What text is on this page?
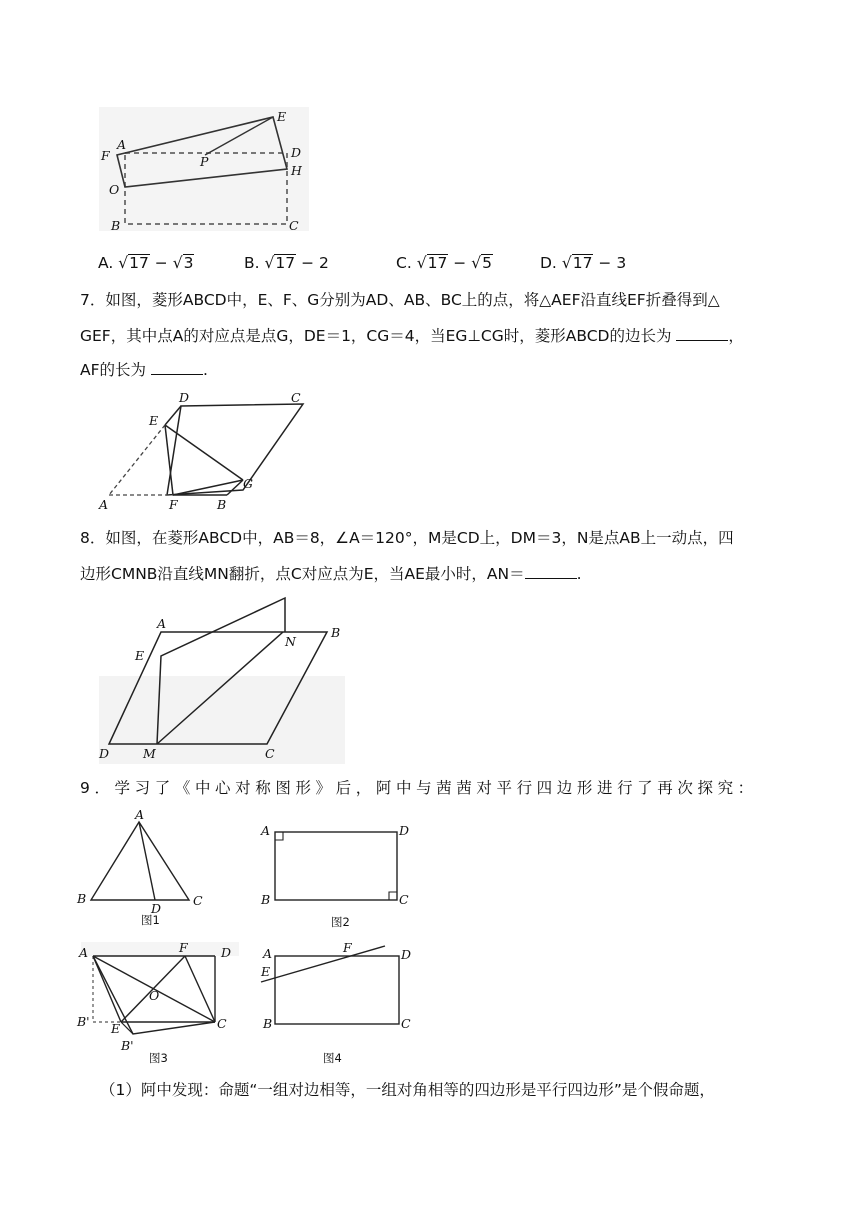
A
E
F	P
D
H
O
B	C
A. √17 − √3	B. √17 − 2	C. √17 − √5	D. √17 − 3
7．如图，菱形ABCD中，E、F、G分别为AD、AB、BC上的点，将△AEF沿直线EF折叠得到△
GEF，其中点A的对应点是点G，DE＝1，CG＝4，当EG⊥CG时，菱形ABCD的边长为	，
AF的长为	.
D	C
E
G
A	F	B
8．如图，在菱形ABCD中，AB＝8，∠A＝120°，M是CD上，DM＝3，N是点AB上一动点，四
边形CMNB沿直线MN翻折，点C对应点为E，当AE最小时，AN＝	.
A
B
E
N
D	M	C
9．学习了《中心对称图形》后，阿中与茜茜对平行四边形进行了再次探究：
A
B
D
C
图1
A	D
B	C
图2
A	F	D
O
B' E	C
B'
图3
A	F	D
E
B	C
图4
（1）阿中发现：命题“一组对边相等，一组对角相等的四边形是平行四边形”是个假命题，
